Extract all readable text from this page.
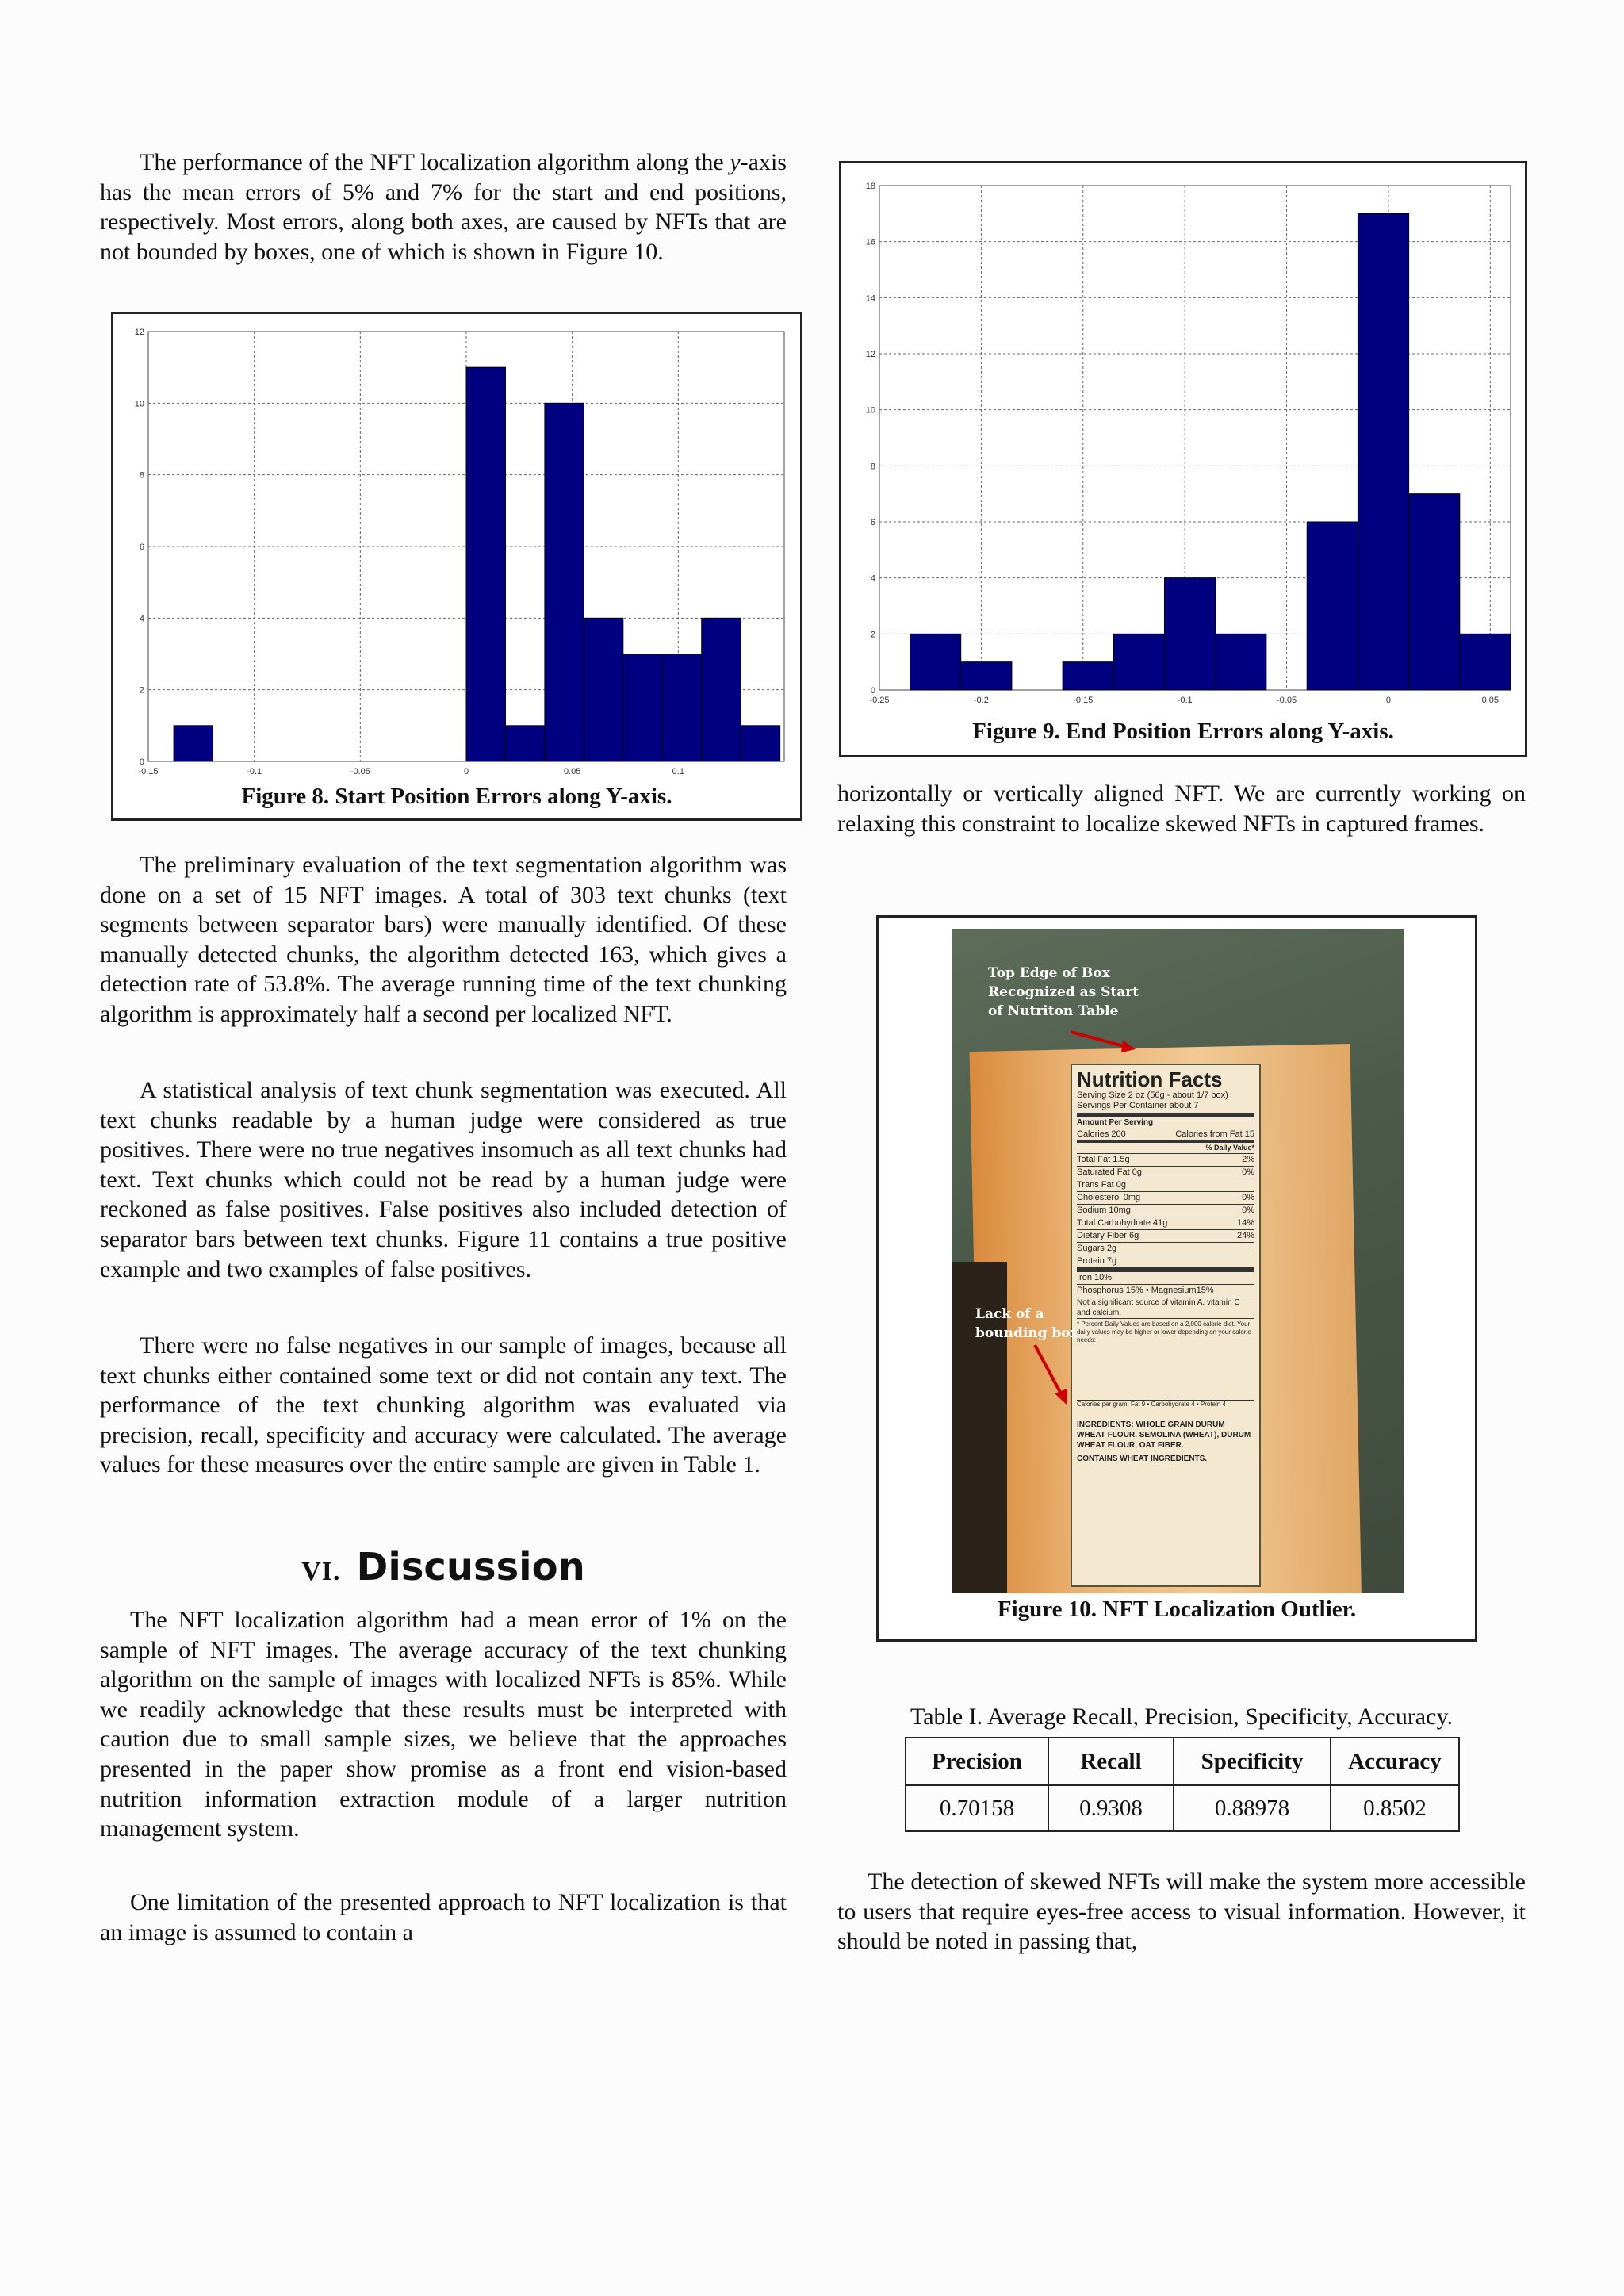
The performance of the NFT localization algorithm along the y-axis has the mean errors of 5% and 7% for the start and end positions, respectively. Most errors, along both axes, are caused by NFTs that are not bounded by boxes, one of which is shown in Figure 10.

0
2
4
6
8
10
12
-0.15	-0.1	-0.05	0	0.05	0.1
Figure 8. Start Position Errors along Y-axis.

The preliminary evaluation of the text segmentation algorithm was done on a set of 15 NFT images. A total of 303 text chunks (text segments between separator bars) were manually identified. Of these manually detected chunks, the algorithm detected 163, which gives a detection rate of 53.8%. The average running time of the text chunking algorithm is approximately half a second per localized NFT.

A statistical analysis of text chunk segmentation was executed. All text chunks readable by a human judge were considered as true positives. There were no true negatives insomuch as all text chunks had text. Text chunks which could not be read by a human judge were reckoned as false positives. False positives also included detection of separator bars between text chunks. Figure 11 contains a true positive example and two examples of false positives.

There were no false negatives in our sample of images, because all text chunks either contained some text or did not contain any text. The performance of the text chunking algorithm was evaluated via precision, recall, specificity and accuracy were calculated. The average values for these measures over the entire sample are given in Table 1.

VI. Discussion

The NFT localization algorithm had a mean error of 1% on the sample of NFT images. The average accuracy of the text chunking algorithm on the sample of images with localized NFTs is 85%. While we readily acknowledge that these results must be interpreted with caution due to small sample sizes, we believe that the approaches presented in the paper show promise as a front end vision-based nutrition information extraction module of a larger nutrition management system.

One limitation of the presented approach to NFT localization is that an image is assumed to contain a

0
2
4
6
8
10
12
14
16
18
-0.25	-0.2	-0.15	-0.1	-0.05	0	0.05
Figure 9. End Position Errors along Y-axis.

horizontally or vertically aligned NFT. We are currently working on relaxing this constraint to localize skewed NFTs in captured frames.

Nutrition Facts
Serving Size 2 oz (56g - about 1/7 box)
Servings Per Container about 7
Amount Per Serving
Calories 200	Calories from Fat 15
% Daily Value*
Total Fat 1.5g	2%
Saturated Fat 0g	0%
Trans Fat 0g
Cholesterol 0mg	0%
Sodium 10mg	0%
Total Carbohydrate 41g	14%
Dietary Fiber 6g	24%
Sugars 2g
Protein 7g
Iron 10%
Phosphorus 15% • Magnesium15%
Not a significant source of vitamin A, vitamin C and calcium.
* Percent Daily Values are based on a 2,000 calorie diet. Your daily values may be higher or lower depending on your calorie needs:
Calories per gram: Fat 9 • Carbohydrate 4 • Protein 4
INGREDIENTS: WHOLE GRAIN DURUM WHEAT FLOUR, SEMOLINA (WHEAT), DURUM WHEAT FLOUR, OAT FIBER.
CONTAINS WHEAT INGREDIENTS.
Top Edge of Box
Recognized as Start
of Nutriton Table
Lack of a
bounding box
Figure 10. NFT Localization Outlier.
Table I. Average Recall, Precision, Specificity, Accuracy.
Precision	Recall	Specificity	Accuracy
0.70158	0.9308	0.88978	0.8502

The detection of skewed NFTs will make the system more accessible to users that require eyes-free access to visual information. However, it should be noted in passing that,
